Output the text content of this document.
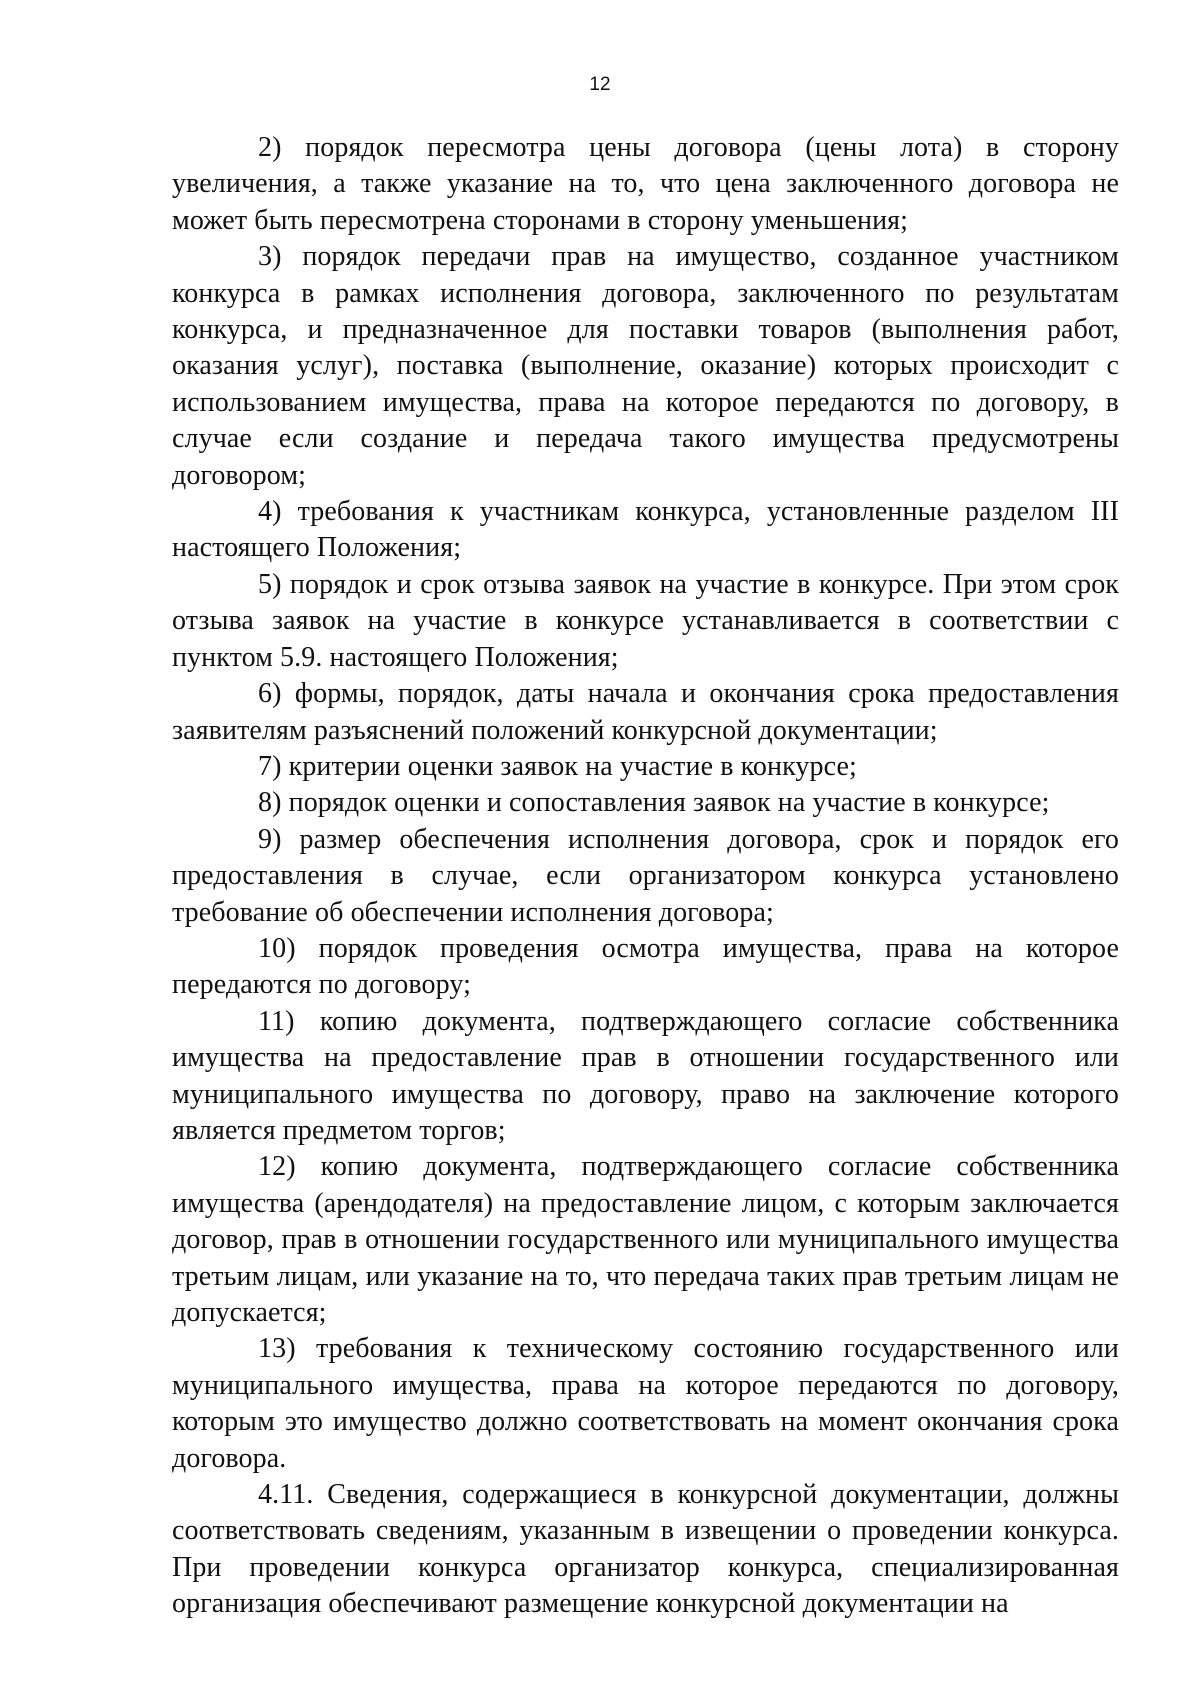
12

2) порядок пересмотра цены договора (цены лота) в сторону увеличения, а также указание на то, что цена заключенного договора не может быть пересмотрена сторонами в сторону уменьшения;

3) порядок передачи прав на имущество, созданное участником конкурса в рамках исполнения договора, заключенного по результатам конкурса, и предназначенное для поставки товаров (выполнения работ, оказания услуг), поставка (выполнение, оказание) которых происходит с использованием имущества, права на которое передаются по договору, в случае если создание и передача такого имущества предусмотрены договором;

4) требования к участникам конкурса, установленные разделом III настоящего Положения;

5) порядок и срок отзыва заявок на участие в конкурсе. При этом срок отзыва заявок на участие в конкурсе устанавливается в соответствии с пунктом 5.9. настоящего Положения;

6) формы, порядок, даты начала и окончания срока предоставления заявителям разъяснений положений конкурсной документации;

7) критерии оценки заявок на участие в конкурсе;

8) порядок оценки и сопоставления заявок на участие в конкурсе;

9) размер обеспечения исполнения договора, срок и порядок его предоставления в случае, если организатором конкурса установлено требование об обеспечении исполнения договора;

10) порядок проведения осмотра имущества, права на которое передаются по договору;

11) копию документа, подтверждающего согласие собственника имущества на предоставление прав в отношении государственного или муниципального имущества по договору, право на заключение которого является предметом торгов;

12) копию документа, подтверждающего согласие собственника имущества (арендодателя) на предоставление лицом, с которым заключается договор, прав в отношении государственного или муниципального имущества третьим лицам, или указание на то, что передача таких прав третьим лицам не допускается;

13) требования к техническому состоянию государственного или муниципального имущества, права на которое передаются по договору, которым это имущество должно соответствовать на момент окончания срока договора.

4.11. Сведения, содержащиеся в конкурсной документации, должны соответствовать сведениям, указанным в извещении о проведении конкурса. При проведении конкурса организатор конкурса, специализированная организация обеспечивают размещение конкурсной документации на
